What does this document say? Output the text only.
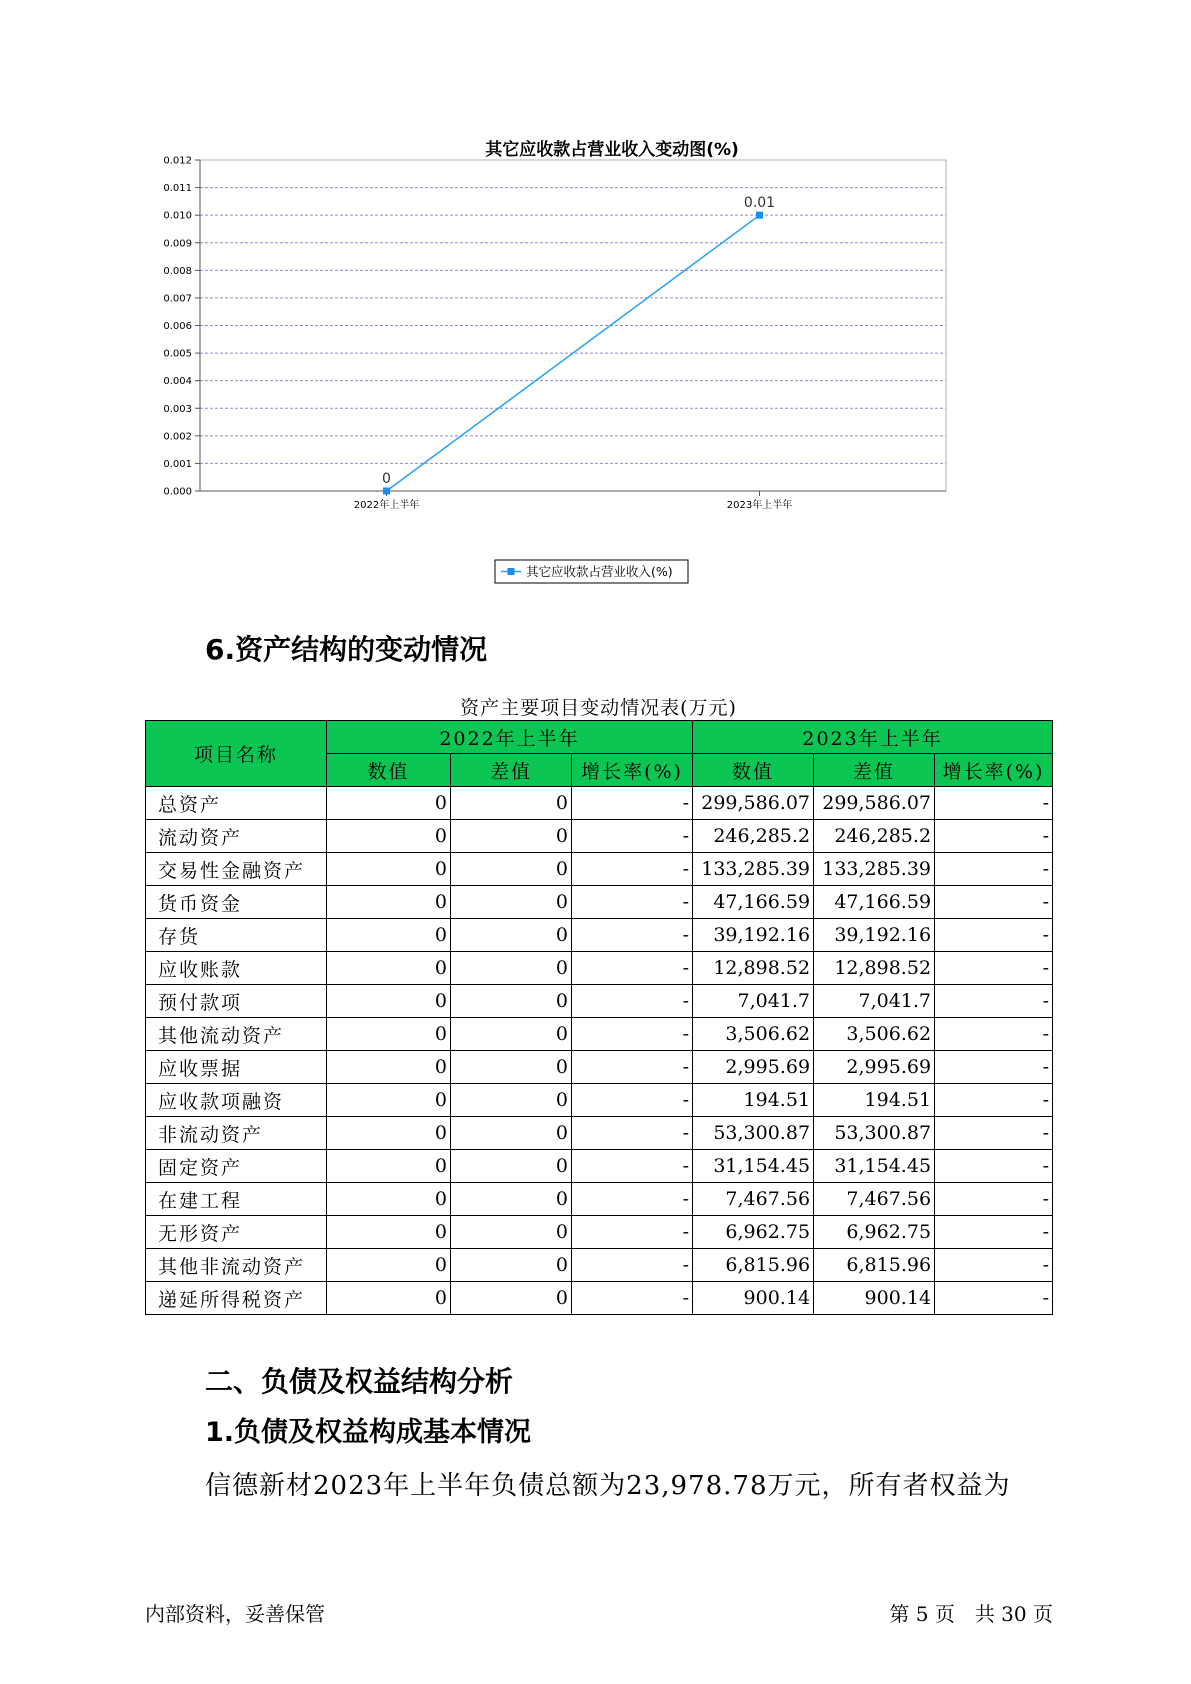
其它应收款占营业收入变动图(%)
0.000
0.001
0.002
0.003
0.004
0.005
0.006
0.007
0.008
0.009
0.010
0.011
0.012
2022年上半年	2023年上半年
0
0.01
其它应收款占营业收入(%)
6.资产结构的变动情况
资产主要项目变动情况表(万元)
项目名称	2022年上半年			2023年上半年		
	数值	差值	增长率(%)	数值	差值	增长率(%)
总资产	0	0	-	299,586.07	299,586.07	-
流动资产	0	0	-	246,285.2	246,285.2	-
交易性金融资产	0	0	-	133,285.39	133,285.39	-
货币资金	0	0	-	47,166.59	47,166.59	-
存货	0	0	-	39,192.16	39,192.16	-
应收账款	0	0	-	12,898.52	12,898.52	-
预付款项	0	0	-	7,041.7	7,041.7	-
其他流动资产	0	0	-	3,506.62	3,506.62	-
应收票据	0	0	-	2,995.69	2,995.69	-
应收款项融资	0	0	-	194.51	194.51	-
非流动资产	0	0	-	53,300.87	53,300.87	-
固定资产	0	0	-	31,154.45	31,154.45	-
在建工程	0	0	-	7,467.56	7,467.56	-
无形资产	0	0	-	6,962.75	6,962.75	-
其他非流动资产	0	0	-	6,815.96	6,815.96	-
递延所得税资产	0	0	-	900.14	900.14	-
二、负债及权益结构分析
1.负债及权益构成基本情况

信德新材2023年上半年负债总额为23,978.78万元，所有者权益为

内部资料，妥善保管	第 5 页　共 30 页
